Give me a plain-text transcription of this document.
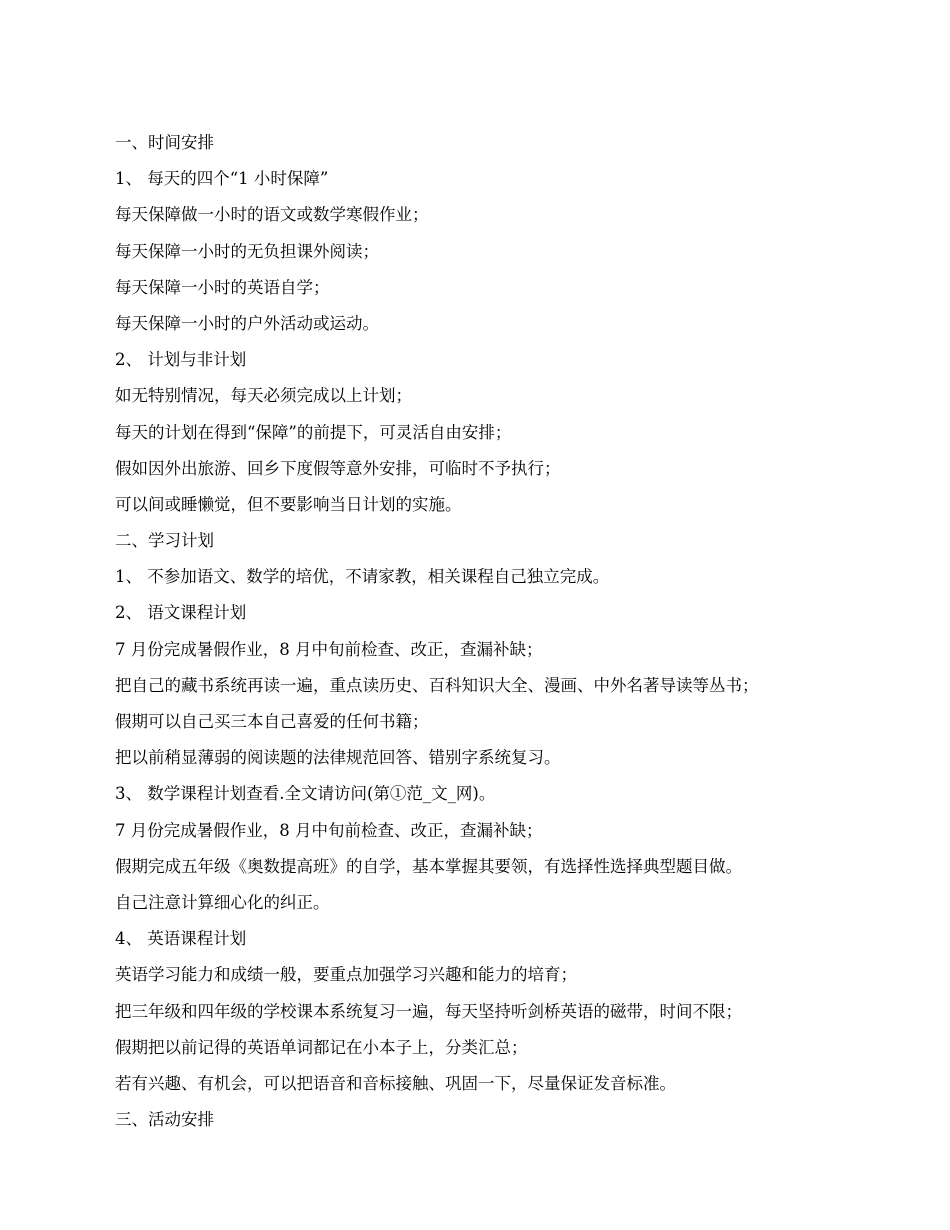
一、时间安排
1、 每天的四个“1 小时保障”
每天保障做一小时的语文或数学寒假作业；
每天保障一小时的无负担课外阅读；
每天保障一小时的英语自学；
每天保障一小时的户外活动或运动。
2、 计划与非计划
如无特别情况，每天必须完成以上计划；
每天的计划在得到“保障”的前提下，可灵活自由安排；
假如因外出旅游、回乡下度假等意外安排，可临时不予执行；
可以间或睡懒觉，但不要影响当日计划的实施。
二、学习计划
1、 不参加语文、数学的培优，不请家教，相关课程自己独立完成。
2、 语文课程计划
7 月份完成暑假作业，8 月中旬前检查、改正，查漏补缺；
把自己的藏书系统再读一遍，重点读历史、百科知识大全、漫画、中外名著导读等丛书；
假期可以自己买三本自己喜爱的任何书籍；
把以前稍显薄弱的阅读题的法律规范回答、错别字系统复习。
3、 数学课程计划查看.全文请访问(第①范_文_网)。
7 月份完成暑假作业，8 月中旬前检查、改正，查漏补缺；
假期完成五年级《奥数提高班》的自学，基本掌握其要领，有选择性选择典型题目做。
自己注意计算细心化的纠正。
4、 英语课程计划
英语学习能力和成绩一般，要重点加强学习兴趣和能力的培育；
把三年级和四年级的学校课本系统复习一遍，每天坚持听剑桥英语的磁带，时间不限；
假期把以前记得的英语单词都记在小本子上，分类汇总；
若有兴趣、有机会，可以把语音和音标接触、巩固一下，尽量保证发音标准。
三、活动安排
